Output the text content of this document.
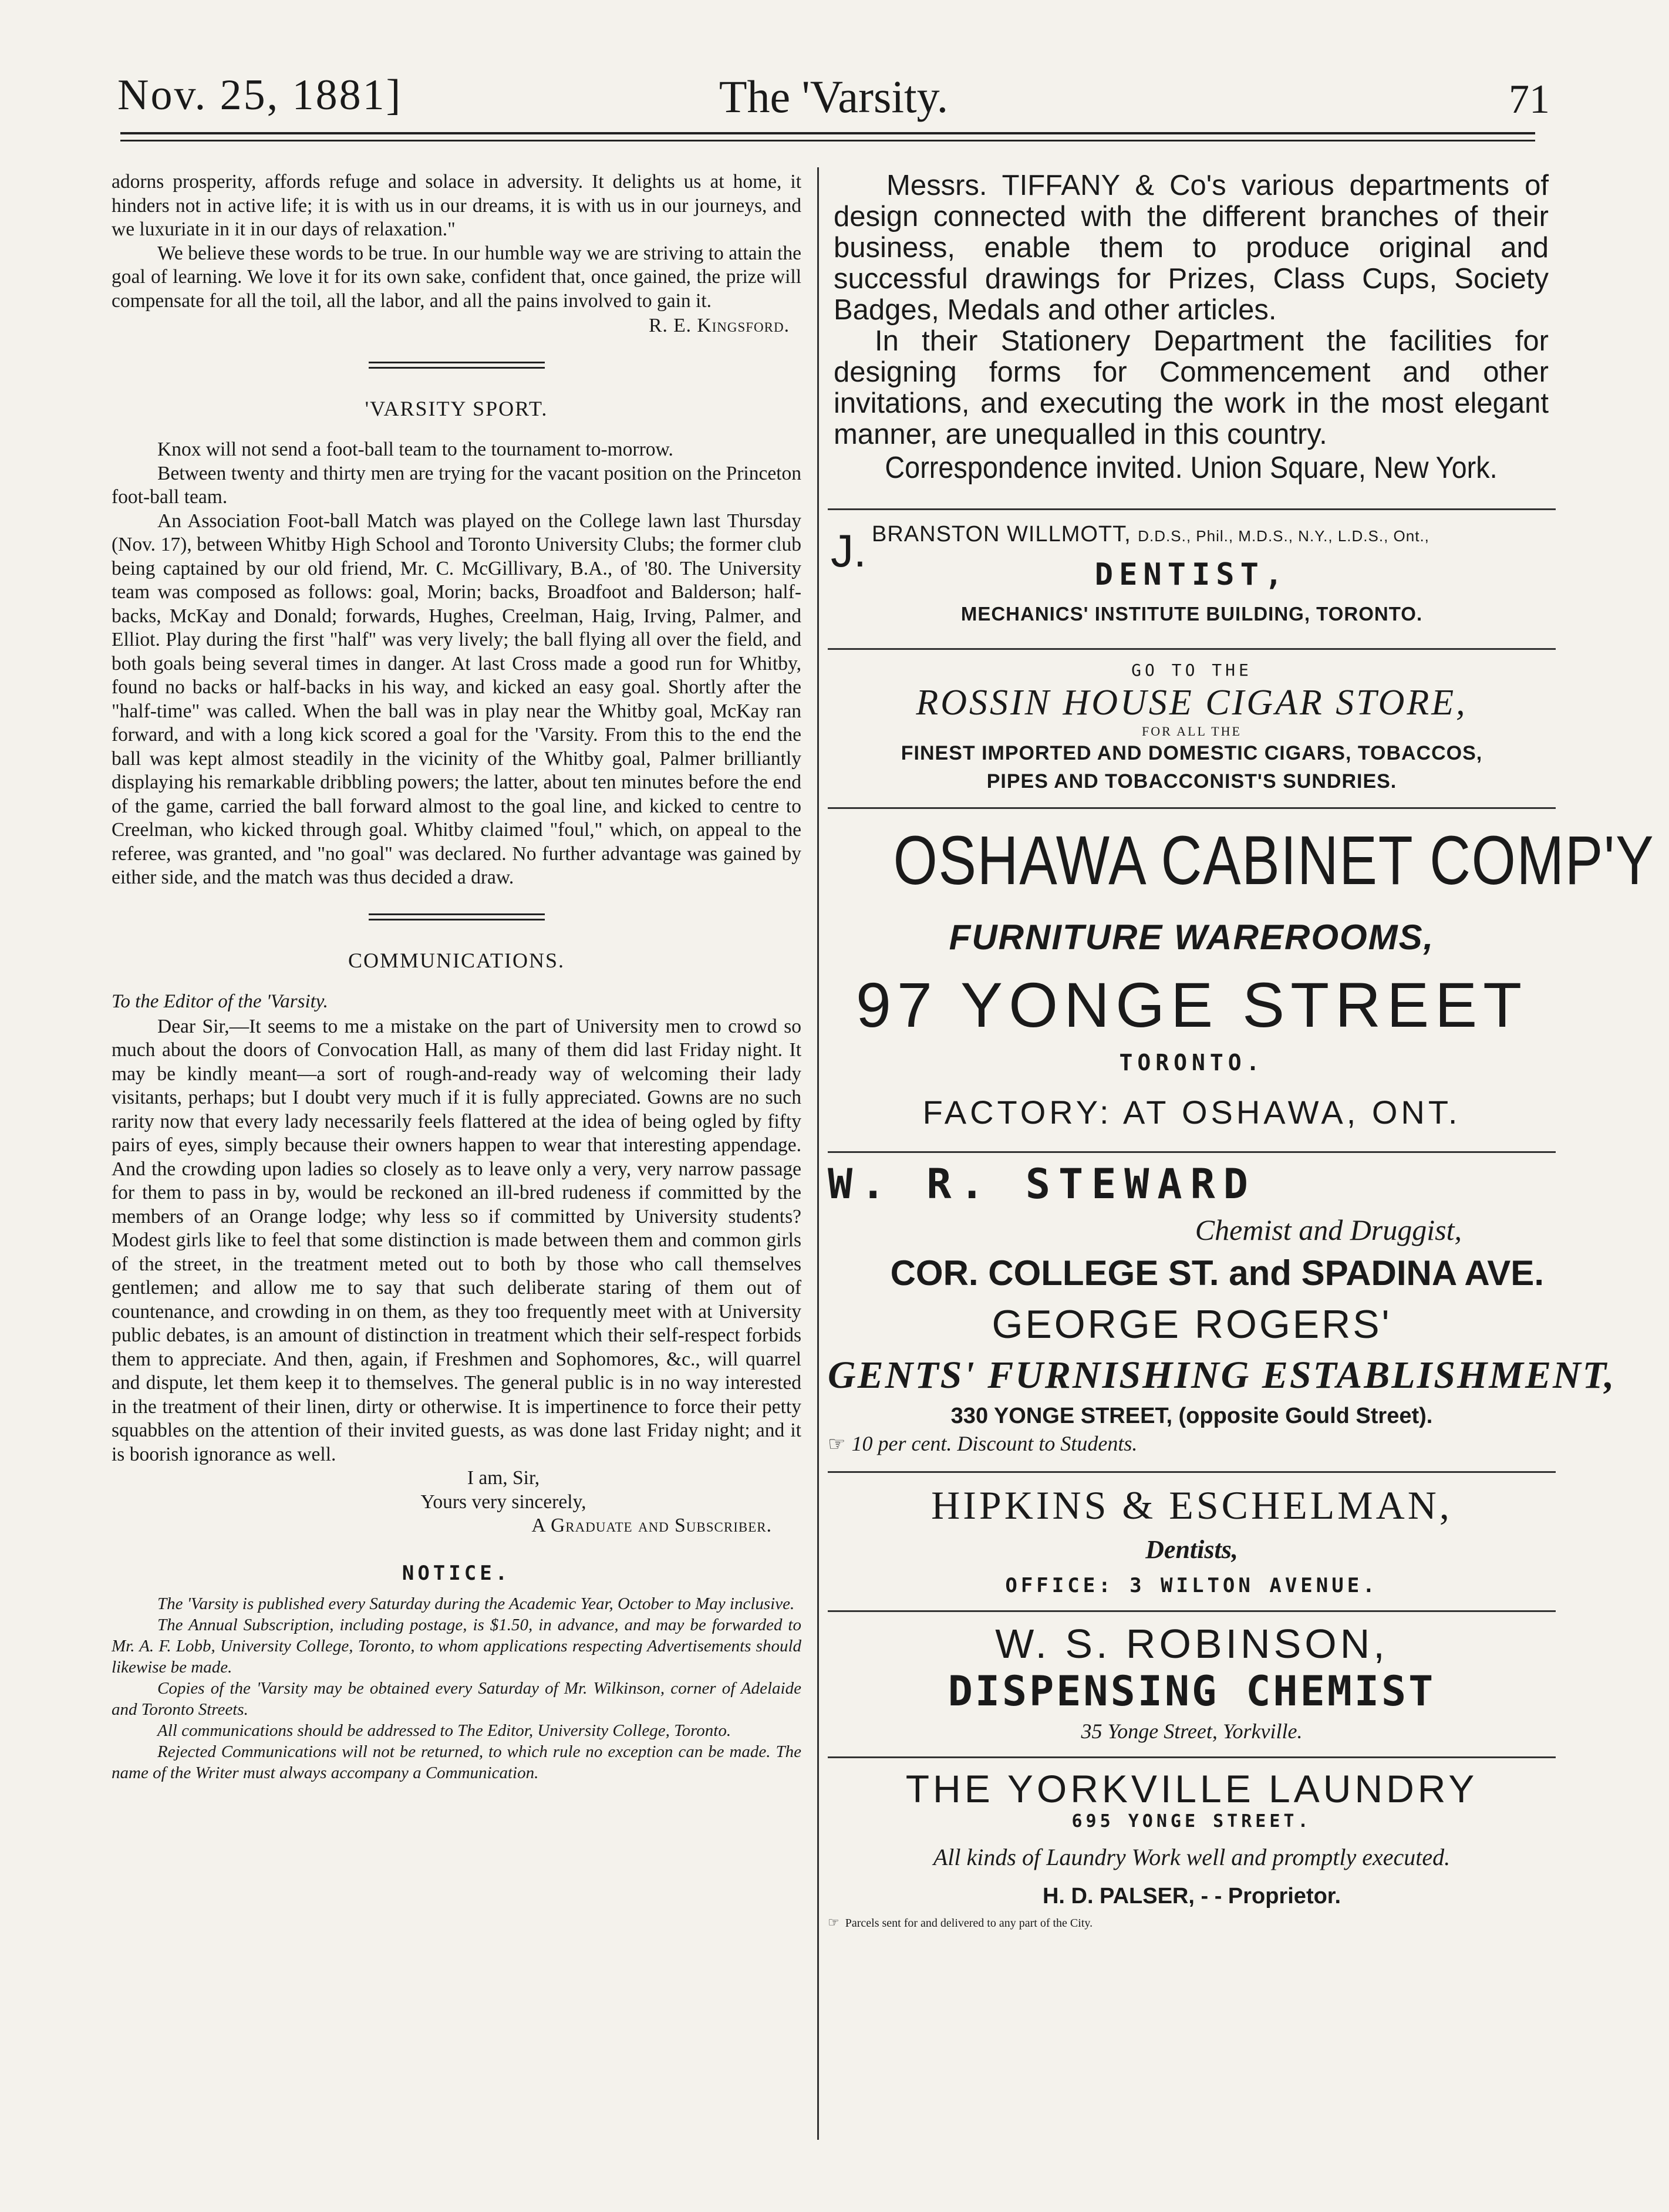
Nov. 25, 1881]	The 'Varsity.	71

adorns prosperity, affords refuge and solace in adversity. It delights us at home, it hinders not in active life; it is with us in our dreams, it is with us in our journeys, and we luxuriate in it in our days of relaxation."

We believe these words to be true. In our humble way we are striving to attain the goal of learning. We love it for its own sake, confident that, once gained, the prize will compensate for all the toil, all the labor, and all the pains involved to gain it.

R. E. Kingsford.

'VARSITY SPORT.

Knox will not send a foot-ball team to the tournament to-morrow.

Between twenty and thirty men are trying for the vacant position on the Princeton foot-ball team.

An Association Foot-ball Match was played on the College lawn last Thursday (Nov. 17), between Whitby High School and Toronto University Clubs; the former club being captained by our old friend, Mr. C. McGillivary, B.A., of '80. The University team was composed as follows: goal, Morin; backs, Broadfoot and Balderson; half-backs, McKay and Donald; forwards, Hughes, Creelman, Haig, Irving, Palmer, and Elliot. Play during the first "half" was very lively; the ball flying all over the field, and both goals being several times in danger. At last Cross made a good run for Whitby, found no backs or half-backs in his way, and kicked an easy goal. Shortly after the "half-time" was called. When the ball was in play near the Whitby goal, McKay ran forward, and with a long kick scored a goal for the 'Varsity. From this to the end the ball was kept almost steadily in the vicinity of the Whitby goal, Palmer brilliantly displaying his remarkable dribbling powers; the latter, about ten minutes before the end of the game, carried the ball forward almost to the goal line, and kicked to centre to Creelman, who kicked through goal. Whitby claimed "foul," which, on appeal to the referee, was granted, and "no goal" was declared. No further advantage was gained by either side, and the match was thus decided a draw.

COMMUNICATIONS.

To the Editor of the 'Varsity.

Dear Sir,—It seems to me a mistake on the part of University men to crowd so much about the doors of Convocation Hall, as many of them did last Friday night. It may be kindly meant—a sort of rough-and-ready way of welcoming their lady visitants, perhaps; but I doubt very much if it is fully appreciated. Gowns are no such rarity now that every lady necessarily feels flattered at the idea of being ogled by fifty pairs of eyes, simply because their owners happen to wear that interesting appendage. And the crowding upon ladies so closely as to leave only a very, very narrow passage for them to pass in by, would be reckoned an ill-bred rudeness if committed by the members of an Orange lodge; why less so if committed by University students? Modest girls like to feel that some distinction is made between them and common girls of the street, in the treatment meted out to both by those who call themselves gentlemen; and allow me to say that such deliberate staring of them out of countenance, and crowding in on them, as they too frequently meet with at University public debates, is an amount of distinction in treatment which their self-respect forbids them to appreciate. And then, again, if Freshmen and Sophomores, &c., will quarrel and dispute, let them keep it to themselves. The general public is in no way interested in the treatment of their linen, dirty or otherwise. It is impertinence to force their petty squabbles on the attention of their invited guests, as was done last Friday night; and it is boorish ignorance as well.

I am, Sir,

Yours very sincerely,

A Graduate and Subscriber.

NOTICE.

The 'Varsity is published every Saturday during the Academic Year, October to May inclusive.

The Annual Subscription, including postage, is $1.50, in advance, and may be forwarded to Mr. A. F. Lobb, University College, Toronto, to whom applications respecting Advertisements should likewise be made.

Copies of the 'Varsity may be obtained every Saturday of Mr. Wilkinson, corner of Adelaide and Toronto Streets.

All communications should be addressed to The Editor, University College, Toronto.

Rejected Communications will not be returned, to which rule no exception can be made. The name of the Writer must always accompany a Communication.

Messrs. TIFFANY & Co's various departments of design connected with the different branches of their business, enable them to produce original and successful drawings for Prizes, Class Cups, Society Badges, Medals and other articles.

In their Stationery Department the facilities for designing forms for Commencement and other invitations, and executing the work in the most elegant manner, are unequalled in this country.

Correspondence invited. Union Square, New York.

J. BRANSTON WILLMOTT, D.D.S., Phil., M.D.S., N.Y., L.D.S., Ont.,
DENTIST,
MECHANICS' INSTITUTE BUILDING, TORONTO.
GO TO THE
ROSSIN HOUSE CIGAR STORE,
FOR ALL THE
FINEST IMPORTED AND DOMESTIC CIGARS, TOBACCOS,
PIPES AND TOBACCONIST'S SUNDRIES.
OSHAWA CABINET COMP'Y
FURNITURE WAREROOMS,
97 YONGE STREET
TORONTO.
FACTORY: AT OSHAWA, ONT.
W. R. STEWARD
Chemist and Druggist,
COR. COLLEGE ST. and SPADINA AVE.
GEORGE ROGERS'
GENTS' FURNISHING ESTABLISHMENT,
330 YONGE STREET, (opposite Gould Street).
☞ 10 per cent. Discount to Students.
HIPKINS & ESCHELMAN,
Dentists,
OFFICE: 3 WILTON AVENUE.
W. S. ROBINSON,
DISPENSING CHEMIST
35 Yonge Street, Yorkville.
THE YORKVILLE LAUNDRY
695 YONGE STREET.
All kinds of Laundry Work well and promptly executed.
H. D. PALSER, - - Proprietor.
☞ Parcels sent for and delivered to any part of the City.
